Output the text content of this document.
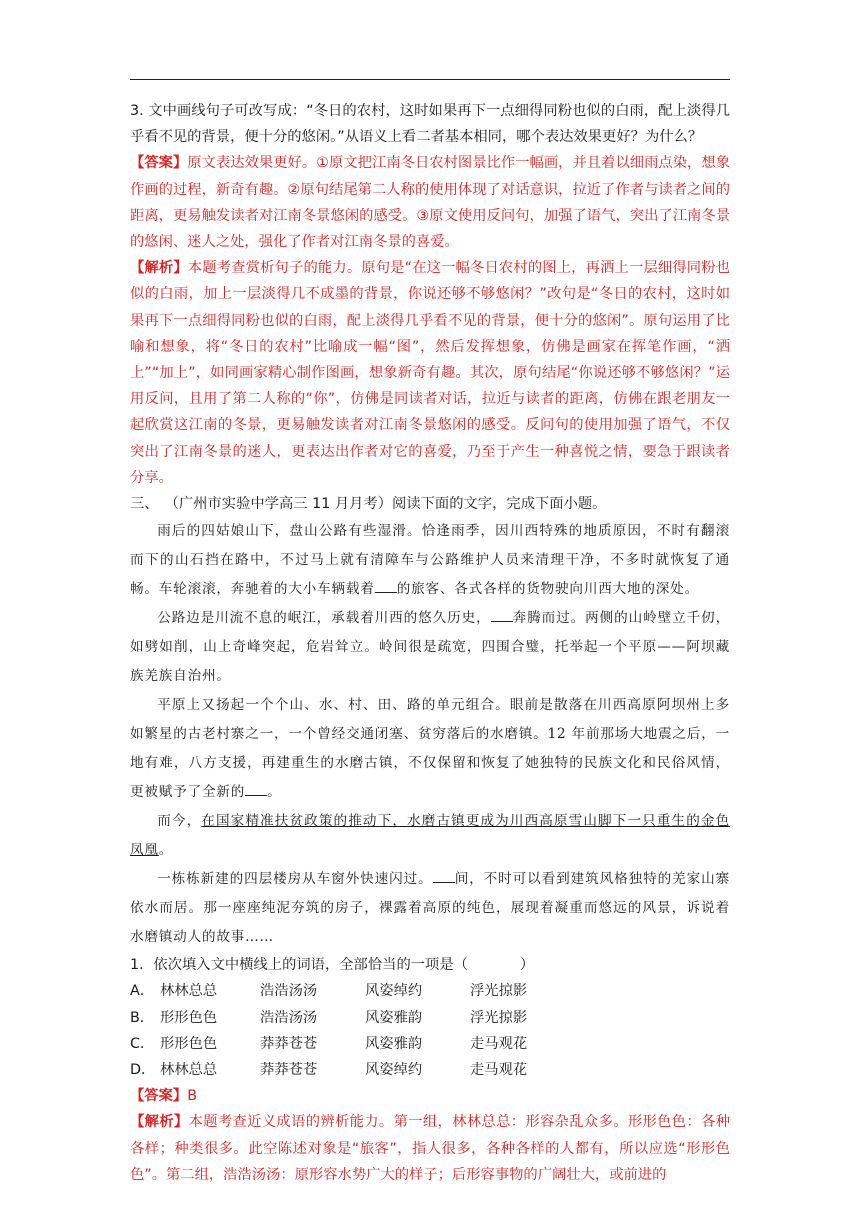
3. 文中画线句子可改写成：“冬日的农村，这时如果再下一点细得同粉也似的白雨，配上淡得几乎看不见的背景，便十分的悠闲。”从语义上看二者基本相同，哪个表达效果更好？为什么？

【答案】原文表达效果更好。①原文把江南冬日农村图景比作一幅画，并且着以细雨点染，想象作画的过程，新奇有趣。②原句结尾第二人称的使用体现了对话意识，拉近了作者与读者之间的距离，更易触发读者对江南冬景悠闲的感受。③原文使用反问句，加强了语气，突出了江南冬景的悠闲、迷人之处，强化了作者对江南冬景的喜爱。

【解析】本题考查赏析句子的能力。原句是“在这一幅冬日农村的图上，再洒上一层细得同粉也似的白雨，加上一层淡得几不成墨的背景，你说还够不够悠闲？”改句是“冬日的农村，这时如果再下一点细得同粉也似的白雨，配上淡得几乎看不见的背景，便十分的悠闲”。原句运用了比喻和想象，将“冬日的农村”比喻成一幅“图”，然后发挥想象，仿佛是画家在挥笔作画，“洒上”“加上”，如同画家精心制作图画，想象新奇有趣。其次，原句结尾“你说还够不够悠闲？”运用反问，且用了第二人称的“你”，仿佛是同读者对话，拉近与读者的距离，仿佛在跟老朋友一起欣赏这江南的冬景，更易触发读者对江南冬景悠闲的感受。反问句的使用加强了语气，不仅突出了江南冬景的迷人，更表达出作者对它的喜爱，乃至于产生一种喜悦之情，要急于跟读者分享。

三、 （广州市实验中学高三 11 月月考）阅读下面的文字，完成下面小题。

雨后的四姑娘山下，盘山公路有些湿滑。恰逢雨季，因川西特殊的地质原因，不时有翻滚而下的山石挡在路中，不过马上就有清障车与公路维护人员来清理干净，不多时就恢复了通畅。车轮滚滚，奔驰着的大小车辆载着 的旅客、各式各样的货物驶向川西大地的深处。

公路边是川流不息的岷江，承载着川西的悠久历史， 奔腾而过。两侧的山岭壁立千仞，如劈如削，山上奇峰突起，危岩耸立。岭间很是疏宽，四围合璧，托举起一个平原——阿坝藏族羌族自治州。

平原上又扬起一个个山、水、村、田、路的单元组合。眼前是散落在川西高原阿坝州上多如繁星的古老村寨之一，一个曾经交通闭塞、贫穷落后的水磨镇。12 年前那场大地震之后，一地有难，八方支援，再建重生的水磨古镇，不仅保留和恢复了她独特的民族文化和民俗风情，更被赋予了全新的 。

而今，在国家精准扶贫政策的推动下，水磨古镇更成为川西高原雪山脚下一只重生的金色凤凰。

一栋栋新建的四层楼房从车窗外快速闪过。 间，不时可以看到建筑风格独特的羌家山寨依水而居。那一座座纯泥夯筑的房子，裸露着高原的纯色，展现着凝重而悠远的风景，诉说着水磨镇动人的故事……

1．依次填入文中横线上的词语，全部恰当的一项是（	）

A． 林林总总	浩浩汤汤	风姿绰约	浮光掠影
B． 形形色色	浩浩汤汤	风姿雅韵	浮光掠影
C． 形形色色	莽莽苍苍	风姿雅韵	走马观花
D． 林林总总	莽莽苍苍	风姿绰约	走马观花

【答案】B

【解析】本题考查近义成语的辨析能力。第一组，林林总总：形容杂乱众多。形形色色：各种各样；种类很多。此空陈述对象是“旅客”，指人很多，各种各样的人都有，所以应选“形形色色”。第二组，浩浩汤汤：原形容水势广大的样子；后形容事物的广阔壮大，或前进的
